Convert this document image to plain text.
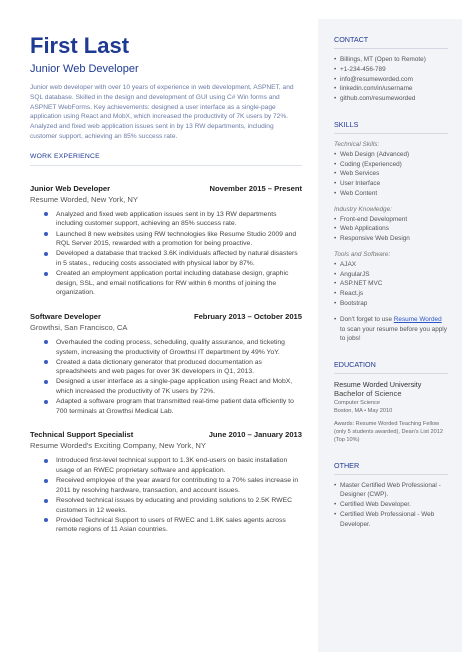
First Last
Junior Web Developer
Junior web developer with over 10 years of experience in web development, ASPNET, and SQL database. Skilled in the design and development of GUI using C# Win forms and ASPNET WebForms. Key achievements: designed a user interface as a single-page application using React and MobX, which increased the productivity of 7K users by 72%. Analyzed and fixed web application issues sent in by 13 RW departments, including customer support, achieving an 85% success rate.
WORK EXPERIENCE
Junior Web Developer	November 2015 – Present
Resume Worded, New York, NY
Analyzed and fixed web application issues sent in by 13 RW departments including customer support, achieving an 85% success rate.
Launched 8 new websites using RW technologies like Resume Studio 2009 and RQL Server 2015, rewarded with a promotion for being proactive.
Developed a database that tracked 3.6K individuals affected by natural disasters in 5 states., reducing costs associated with physical labor by 87%.
Created an employment application portal including database design, graphic design, SSL, and email notifications for RW within 6 months of joining the organization.
Software Developer	February 2013 – October 2015
Growthsi, San Francisco, CA
Overhauled the coding process, scheduling, quality assurance, and ticketing system, increasing the productivity of Growthsi IT department by 49% YoY.
Created a data dictionary generator that produced documentation as spreadsheets and web pages for over 3K developers in Q1, 2013.
Designed a user interface as a single-page application using React and MobX, which increased the productivity of 7K users by 72%.
Adapted a software program that transmitted real-time patient data efficiently to 700 terminals at Growthsi Medical Lab.
Technical Support Specialist	June 2010 – January 2013
Resume Worded's Exciting Company, New York, NY
Introduced first-level technical support to 1.3K end-users on basic installation usage of an RWEC proprietary software and application.
Received employee of the year award for contributing to a 70% sales increase in 2011 by resolving hardware, transaction, and account issues.
Resolved technical issues by educating and providing solutions to 2.5K RWEC customers in 12 weeks.
Provided Technical Support to users of RWEC and 1.8K sales agents across remote regions of 11 Asian countries.
CONTACT
• Billings, MT (Open to Remote)
• +1-234-456-789
• info@resumeworded.com
• linkedin.com/in/username
• github.com/resumeworded
SKILLS
Technical Skills:
• Web Design (Advanced)
• Coding (Experienced)
• Web Services
• User Interface
• Web Content
Industry Knowledge:
• Front-end Development
• Web Applications
• Responsive Web Design
Tools and Software:
• AJAX
• AngularJS
• ASP.NET MVC
• React.js
• Bootstrap
• Don't forget to use Resume Worded to scan your resume before you apply to jobs!
EDUCATION
Resume Worded University
Bachelor of Science
Computer Science
Boston, MA • May 2010
Awards: Resume Worded Teaching Fellow (only 5 students awarded), Dean's List 2012 (Top 10%)
OTHER
• Master Certified Web Professional - Designer (CWP).
• Certified Web Developer.
• Certified Web Professional - Web Developer.
